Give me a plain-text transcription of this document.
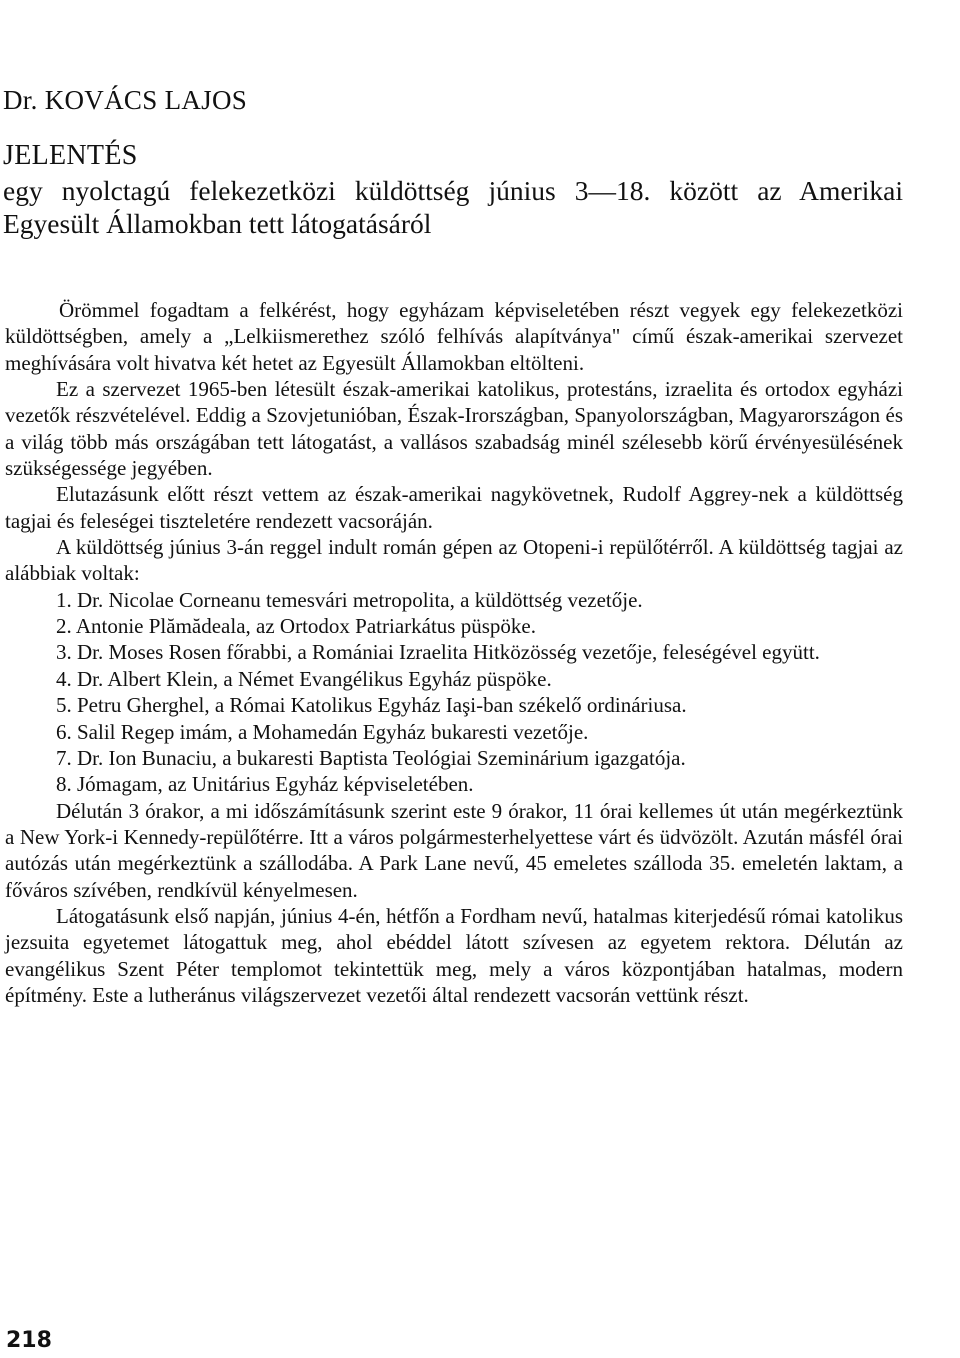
Dr. KOVÁCS LAJOS
JELENTÉS
egy nyolctagú felekezetközi küldöttség június 3—18. között az Amerikai Egyesült Államokban tett látogatásáról

Örömmel fogadtam a felkérést, hogy egyházam képviseletében részt vegyek egy felekezetközi küldöttségben, amely a „Lelkiismerethez szóló felhívás alapítványa" című észak-amerikai szervezet meghívására volt hivatva két hetet az Egyesült Államokban eltölteni.

Ez a szervezet 1965-ben létesült észak-amerikai katolikus, protestáns, izraelita és ortodox egyházi vezetők részvételével. Eddig a Szovjetunióban, Észak-Irországban, Spanyolországban, Magyarországon és a világ több más országában tett látogatást, a vallásos szabadság minél szélesebb körű érvényesülésének szükségessége jegyében.

Elutazásunk előtt részt vettem az észak-amerikai nagykövetnek, Rudolf Aggrey-nek a küldöttség tagjai és feleségei tiszteletére rendezett vacsoráján.

A küldöttség június 3-án reggel indult román gépen az Otopeni-i repülőtérről. A küldöttség tagjai az alábbiak voltak:

1. Dr. Nicolae Corneanu temesvári metropolita, a küldöttség vezetője.

2. Antonie Plămădeala, az Ortodox Patriarkátus püspöke.

3. Dr. Moses Rosen főrabbi, a Romániai Izraelita Hitközösség vezetője, feleségével együtt.

4. Dr. Albert Klein, a Német Evangélikus Egyház püspöke.

5. Petru Gherghel, a Római Katolikus Egyház Iaşi-ban székelő ordináriusa.

6. Salil Regep imám, a Mohamedán Egyház bukaresti vezetője.

7. Dr. Ion Bunaciu, a bukaresti Baptista Teológiai Szeminárium igazgatója.

8. Jómagam, az Unitárius Egyház képviseletében.

Délután 3 órakor, a mi időszámításunk szerint este 9 órakor, 11 órai kellemes út után megérkeztünk a New York-i Kennedy-repülőtérre. Itt a város polgármesterhelyettese várt és üdvözölt. Azután másfél órai autózás után megérkeztünk a szállodába. A Park Lane nevű, 45 emeletes szálloda 35. emeletén laktam, a főváros szívében, rendkívül kényelmesen.

Látogatásunk első napján, június 4-én, hétfőn a Fordham nevű, hatalmas kiterjedésű római katolikus jezsuita egyetemet látogattuk meg, ahol ebéddel látott szívesen az egyetem rektora. Délután az evangélikus Szent Péter templomot tekintettük meg, mely a város központjában hatalmas, modern építmény. Este a lutheránus világszervezet vezetői által rendezett vacsorán vettünk részt.

218
